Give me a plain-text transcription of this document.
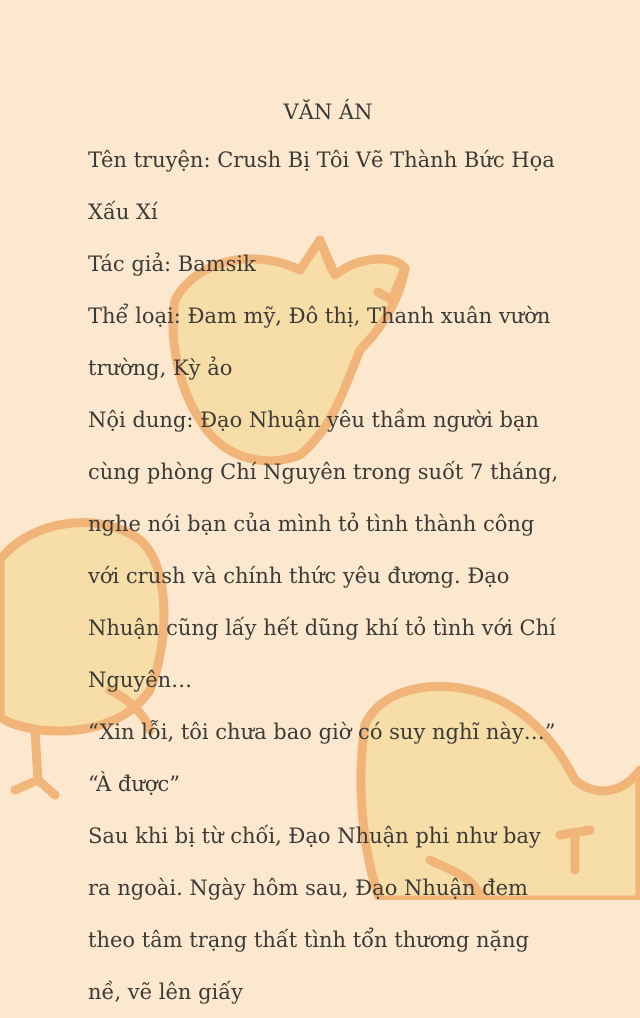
VĂN ÁN

Tên truyện: Crush Bị Tôi Vẽ Thành Bức Họa Xấu Xí

Tác giả: Bamsik

Thể loại: Đam mỹ, Đô thị, Thanh xuân vườn trường, Kỳ ảo

Nội dung: Đạo Nhuận yêu thầm người bạn cùng phòng Chí Nguyên trong suốt 7 tháng, nghe nói bạn của mình tỏ tình thành công với crush và chính thức yêu đương. Đạo Nhuận cũng lấy hết dũng khí tỏ tình với Chí Nguyên…

“Xin lỗi, tôi chưa bao giờ có suy nghĩ này…”

“À được”

Sau khi bị từ chối, Đạo Nhuận phi như bay ra ngoài. Ngày hôm sau, Đạo Nhuận đem theo tâm trạng thất tình tổn thương nặng nề, vẽ lên giấy
